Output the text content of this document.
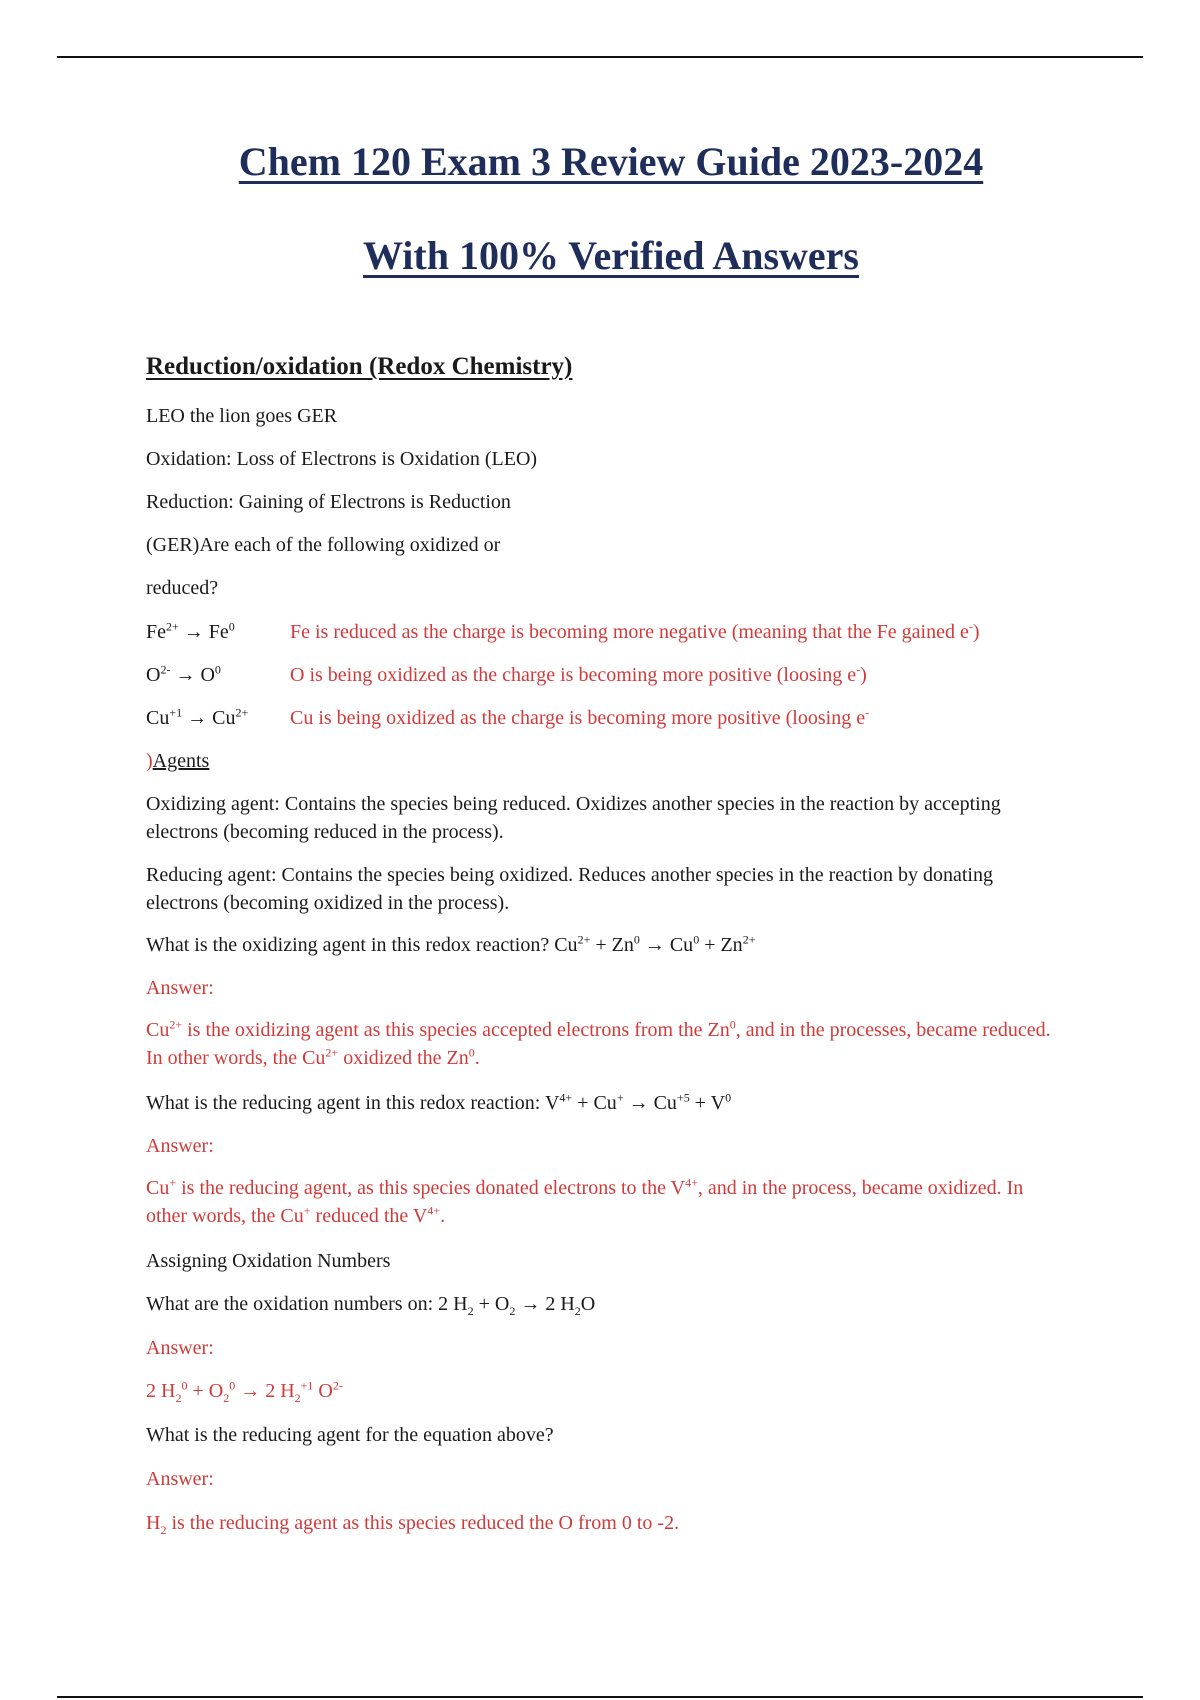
Chem 120 Exam 3 Review Guide 2023-2024
With 100% Verified Answers
Reduction/oxidation (Redox Chemistry)
LEO the lion goes GER
Oxidation: Loss of Electrons is Oxidation (LEO)
Reduction: Gaining of Electrons is Reduction
(GER)Are each of the following oxidized or
reduced?
$Fe^{2+} \to Fe^0$	Fe is reduced as the charge is becoming more negative (meaning that the Fe gained e-)
$O^{2-} \to O^0$	O is being oxidized as the charge is becoming more positive (loosing e-)
$Cu^{+1} \to Cu^{2+}$ Cu is being oxidized as the charge is becoming more positive (loosing e-
)Agents
Oxidizing agent: Contains the species being reduced. Oxidizes another species in the reaction by accepting electrons (becoming reduced in the process).
Reducing agent: Contains the species being oxidized. Reduces another species in the reaction by donating electrons (becoming oxidized in the process).
What is the oxidizing agent in this redox reaction? $Cu^{2+} + Zn^0 \to Cu^0 + Zn^{2+}$
Answer:
$Cu^{2+}$ is the oxidizing agent as this species accepted electrons from the Zn$^0$, and in the processes, became reduced. In other words, the $Cu^{2+}$ oxidized the Zn$^0$.
What is the reducing agent in this redox reaction: $V^{4+} + Cu^+ \to Cu^{+5} + V^0$
Answer:
Cu+ is the reducing agent, as this species donated electrons to the $V^{4+}$, and in the process, became oxidized. In other words, the Cu+ reduced the $V^{4+}$.
Assigning Oxidation Numbers
What are the oxidation numbers on: 2 $H_2 + O_2 \to 2$ $H_2O$
Answer:
2 $H_2^0 + O_2^0 \to 2$ $H_2^{+1}$ $O^{2-}$
What is the reducing agent for the equation above?
Answer:
$H_2$ is the reducing agent as this species reduced the O from 0 to -2.
